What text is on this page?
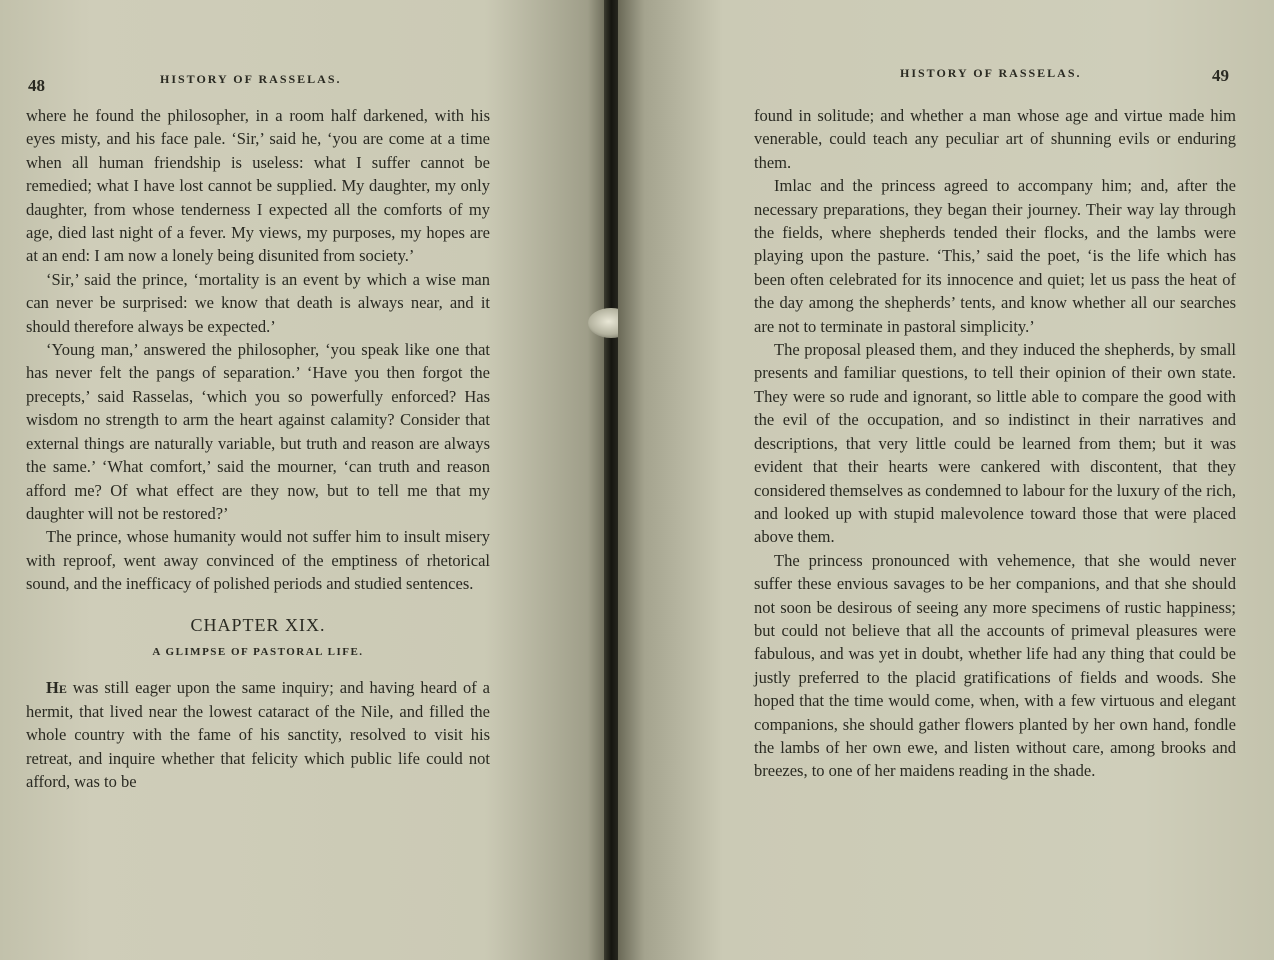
48	HISTORY OF RASSELAS.

where he found the philosopher, in a room half darkened, with his eyes misty, and his face pale. ‘Sir,’ said he, ‘you are come at a time when all human friendship is useless: what I suffer cannot be remedied; what I have lost cannot be supplied. My daughter, my only daughter, from whose tenderness I expected all the comforts of my age, died last night of a fever. My views, my purposes, my hopes are at an end: I am now a lonely being disunited from society.’

‘Sir,’ said the prince, ‘mortality is an event by which a wise man can never be surprised: we know that death is always near, and it should therefore always be expected.’

‘Young man,’ answered the philosopher, ‘you speak like one that has never felt the pangs of separation.’ ‘Have you then forgot the precepts,’ said Rasselas, ‘which you so powerfully enforced? Has wisdom no strength to arm the heart against calamity? Consider that external things are naturally variable, but truth and reason are always the same.’ ‘What comfort,’ said the mourner, ‘can truth and reason afford me? Of what effect are they now, but to tell me that my daughter will not be restored?’

The prince, whose humanity would not suffer him to insult misery with reproof, went away convinced of the emptiness of rhetorical sound, and the inefficacy of polished periods and studied sentences.

CHAPTER XIX.
A GLIMPSE OF PASTORAL LIFE.

He was still eager upon the same inquiry; and having heard of a hermit, that lived near the lowest cataract of the Nile, and filled the whole country with the fame of his sanctity, resolved to visit his retreat, and inquire whether that felicity which public life could not afford, was to be

HISTORY OF RASSELAS.	49

found in solitude; and whether a man whose age and virtue made him venerable, could teach any peculiar art of shunning evils or enduring them.

Imlac and the princess agreed to accompany him; and, after the necessary preparations, they began their journey. Their way lay through the fields, where shepherds tended their flocks, and the lambs were playing upon the pasture. ‘This,’ said the poet, ‘is the life which has been often celebrated for its innocence and quiet; let us pass the heat of the day among the shepherds’ tents, and know whether all our searches are not to terminate in pastoral simplicity.’

The proposal pleased them, and they induced the shepherds, by small presents and familiar questions, to tell their opinion of their own state. They were so rude and ignorant, so little able to compare the good with the evil of the occupation, and so indistinct in their narratives and descriptions, that very little could be learned from them; but it was evident that their hearts were cankered with discontent, that they considered themselves as condemned to labour for the luxury of the rich, and looked up with stupid malevolence toward those that were placed above them.

The princess pronounced with vehemence, that she would never suffer these envious savages to be her companions, and that she should not soon be desirous of seeing any more specimens of rustic happiness; but could not believe that all the accounts of primeval pleasures were fabulous, and was yet in doubt, whether life had any thing that could be justly preferred to the placid gratifications of fields and woods. She hoped that the time would come, when, with a few virtuous and elegant companions, she should gather flowers planted by her own hand, fondle the lambs of her own ewe, and listen without care, among brooks and breezes, to one of her maidens reading in the shade.
